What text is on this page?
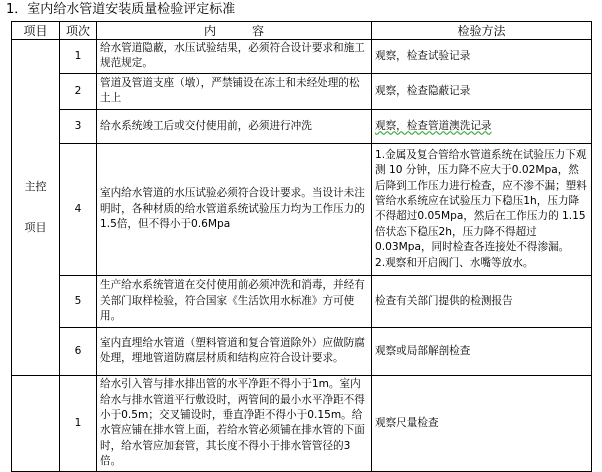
1．室内给水管道安装质量检验评定标准
项目	项次	内　　　容	检验方法

主控
项目	1	给水管道隐蔽，水压试验结果，必须符合设计要求和施工规范规定。	观察，检查试验记录
	2	管道及管道支座（墩），严禁铺设在冻土和未经处理的松土上	观察，检查隐蔽记录
	3	给水系统竣工后或交付使用前，必须进行冲洗	观察，检查管道澳洗记录
	4	室内给水管道的水压试验必须符合设计要求。当设计未注明时，各种材质的给水管道系统试验压力均为工作压力的1.5倍，但不得小于0.6Mpa	1.金属及复合管给水管道系统在试验压力下观测 10 分钟，压力降不应大于0.02Mpa，然后降到工作压力进行检查，应不渗不漏；塑料管给水系统应在试验压力下稳压1h，压力降不得超过0.05Mpa，然后在工作压力的 1.15 倍状态下稳压2h，压力降不得超过0.03Mpa，同时检查各连接处不得渗漏。
2.观察和开启阀门、水嘴等放水。

	5	生产给水系统管道在交付使用前必须冲洗和消毒，并经有关部门取样检验，符合国家《生活饮用水标准》方可使用。	检查有关部门提供的检测报告
	6	室内直埋给水管道（塑料管道和复合管道除外）应做防腐处理，埋地管道防腐层材质和结构应符合设计要求。	观察或局部解剖检查
	1	给水引入管与排水排出管的水平净距不得小于1m。室内给水与排水管道平行敷设时，两管间的最小水平净距不得小于0.5m；交叉铺设时，垂直净距不得小于0.15m。给水管应铺在排水管上面，若给水管必须铺在排水管的下面时，给水管应加套管，其长度不得小于排水管管径的3倍。	观察尺量检查
